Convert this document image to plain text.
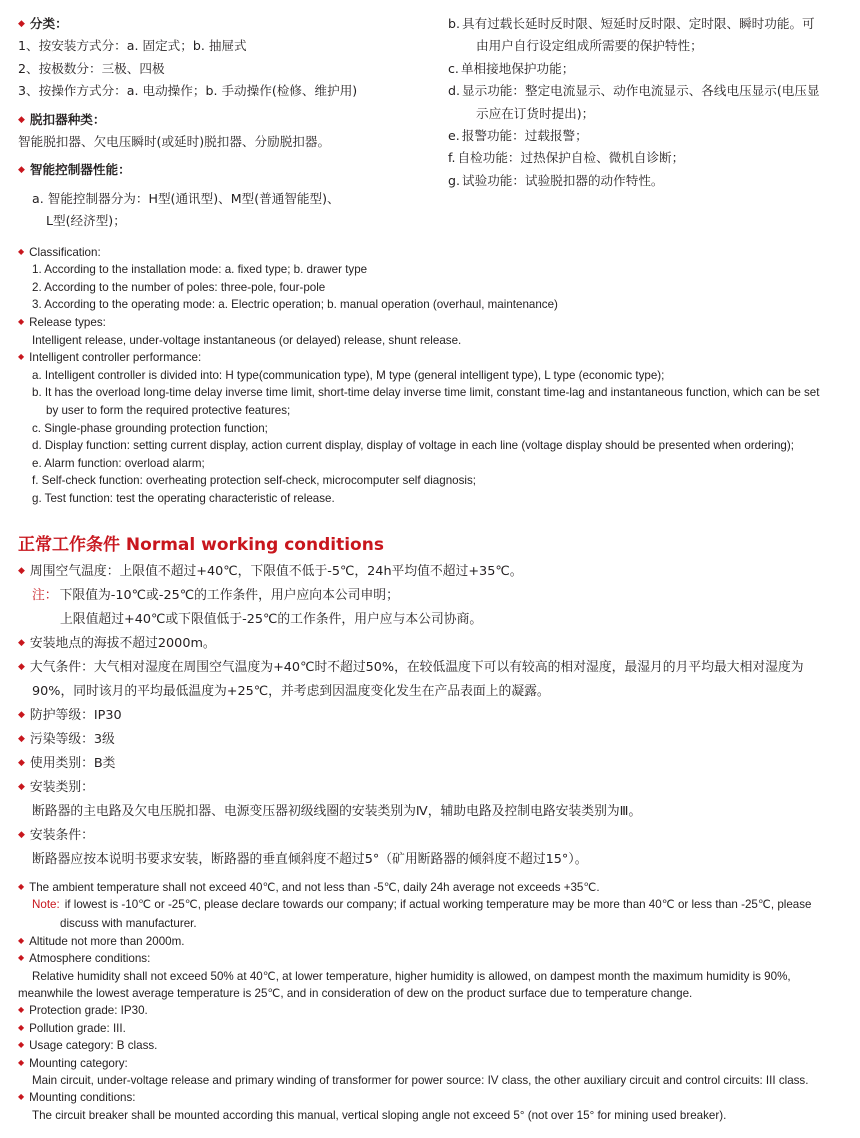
◆ 分类：
1、按安装方式分：a. 固定式；b. 抽屉式
2、按极数分：三极、四极
3、按操作方式分：a. 电动操作；b. 手动操作(检修、维护用)
◆ 脱扣器种类：
智能脱扣器、欠电压瞬时(或延时)脱扣器、分励脱扣器。
◆ 智能控制器性能：
a. 智能控制器分为：H型(通讯型)、M型(普通智能型)、
L型(经济型)；
b. 具有过载长延时反时限、短延时反时限、定时限、瞬时功能。可
由用户自行设定组成所需要的保护特性；
c. 单相接地保护功能；
d. 显示功能：整定电流显示、动作电流显示、各线电压显示(电压显
示应在订货时提出)；
e. 报警功能：过载报警；
f. 自检功能：过热保护自检、微机自诊断；
g. 试验功能：试验脱扣器的动作特性。
◆ Classification:
1. According to the installation mode: a. fixed type; b. drawer type
2. According to the number of poles: three-pole, four-pole
3. According to the operating mode: a. Electric operation; b. manual operation (overhaul, maintenance)
◆ Release types:
Intelligent release, under-voltage instantaneous (or delayed) release, shunt release.
◆ Intelligent controller performance:
a. Intelligent controller is divided into: H type(communication type), M type (general intelligent type), L type (economic type);
b. It has the overload long-time delay inverse time limit, short-time delay inverse time limit, constant time-lag and instantaneous function, which can be set
by user to form the required protective features;
c. Single-phase grounding protection function;
d. Display function: setting current display, action current display, display of voltage in each line (voltage display should be presented when ordering);
e. Alarm function: overload alarm;
f. Self-check function: overheating protection self-check, microcomputer self diagnosis;
g. Test function: test the operating characteristic of release.
正常工作条件 Normal working conditions
◆ 周围空气温度：上限值不超过+40℃，下限值不低于-5℃，24h平均值不超过+35℃。
注： 下限值为-10℃或-25℃的工作条件，用户应向本公司申明；
上限值超过+40℃或下限值低于-25℃的工作条件，用户应与本公司协商。
◆ 安装地点的海拔不超过2000m。
◆ 大气条件：大气相对湿度在周围空气温度为+40℃时不超过50%，在较低温度下可以有较高的相对湿度，最湿月的月平均最大相对湿度为
90%，同时该月的平均最低温度为+25℃，并考虑到因温度变化发生在产品表面上的凝露。
◆ 防护等级：IP30
◆ 污染等级：3级
◆ 使用类别：B类
◆ 安装类别：
断路器的主电路及欠电压脱扣器、电源变压器初级线圈的安装类别为Ⅳ，辅助电路及控制电路安装类别为Ⅲ。
◆ 安装条件：
断路器应按本说明书要求安装，断路器的垂直倾斜度不超过5°（矿用断路器的倾斜度不超过15°）。
◆ The ambient temperature shall not exceed 40℃, and not less than -5℃, daily 24h average not exceeds +35℃.
Note: if lowest is -10℃ or -25℃, please declare towards our company; if actual working temperature may be more than 40℃ or less than -25℃, please
discuss with manufacturer.
◆ Altitude not more than 2000m.
◆ Atmosphere conditions:
Relative humidity shall not exceed 50% at 40℃, at lower temperature, higher humidity is allowed, on dampest month the maximum humidity is 90%,
meanwhile the lowest average temperature is 25℃, and in consideration of dew on the product surface due to temperature change.
◆ Protection grade: IP30.
◆ Pollution grade: III.
◆ Usage category: B class.
◆ Mounting category:
Main circuit, under-voltage release and primary winding of transformer for power source: IV class, the other auxiliary circuit and control circuits: III class.
◆ Mounting conditions:
The circuit breaker shall be mounted according this manual, vertical sloping angle not exceed 5° (not over 15° for mining used breaker).
